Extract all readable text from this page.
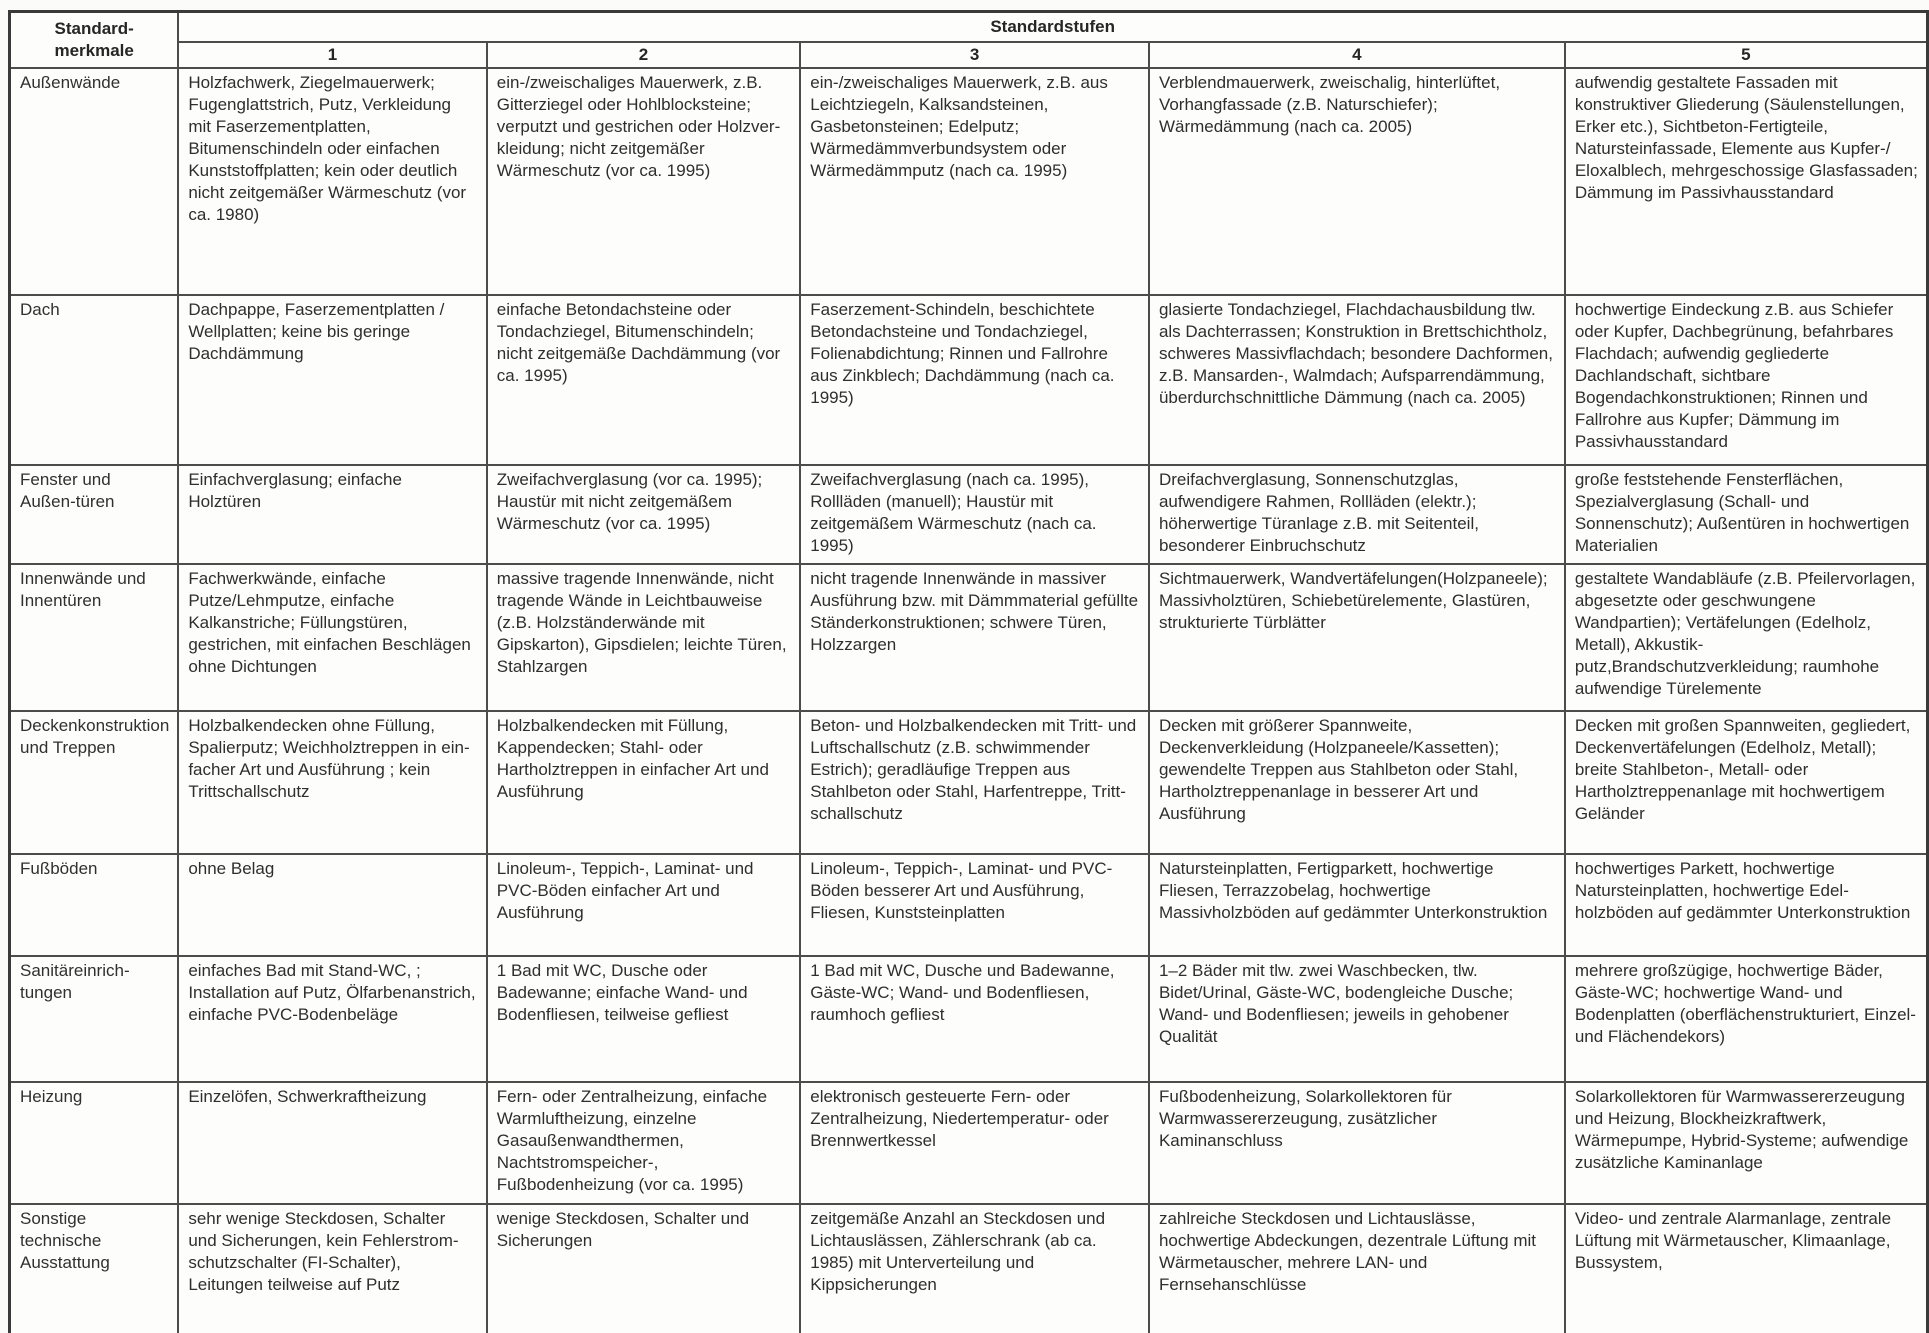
Standard-merkmale	Standardstufen				
	1	2	3	4	5
Außenwände	Holzfachwerk, Ziegelmauerwerk; Fugenglattstrich, Putz, Verkleidung mit Faserzementplatten, Bitumenschindeln oder einfachen Kunststoffplatten; kein oder deutlich nicht zeitgemäßer Wärmeschutz (vor ca. 1980)	ein-/zweischaliges Mauerwerk, z.B. Gitterziegel oder Hohlblocksteine; verputzt und gestrichen oder Holzverkleidung; nicht zeitgemäßer Wärmeschutz (vor ca. 1995)	ein-/zweischaliges Mauerwerk, z.B. aus Leichtziegeln, Kalksandsteinen, Gasbetonsteinen; Edelputz; Wärmedämmverbundsystem oder Wärmedämmputz (nach ca. 1995)	Verblendmauerwerk, zweischalig, hinterlüftet, Vorhangfassade (z.B. Naturschiefer); Wärmedämmung (nach ca. 2005)	aufwendig gestaltete Fassaden mit konstruktiver Gliederung (Säulenstellungen, Erker etc.), Sichtbeton-Fertigteile, Natursteinfassade, Elemente aus Kupfer-/ Eloxalblech, mehrgeschossige Glasfassaden; Dämmung im Passivhausstandard
Dach	Dachpappe, Faserzementplatten / Wellplatten; keine bis geringe Dachdämmung	einfache Betondachsteine oder Tondachziegel, Bitumenschindeln; nicht zeitgemäße Dachdämmung (vor ca. 1995)	Faserzement-Schindeln, beschichtete Betondachsteine und Tondachziegel, Folienabdichtung; Rinnen und Fallrohre aus Zinkblech; Dachdämmung (nach ca. 1995)	glasierte Tondachziegel, Flachdachausbildung tlw. als Dachterrassen; Konstruktion in Brettschichtholz, schweres Massivflachdach; besondere Dachformen, z.B. Mansarden-, Walmdach; Aufsparrendämmung, überdurchschnittliche Dämmung (nach ca. 2005)	hochwertige Eindeckung z.B. aus Schiefer oder Kupfer, Dachbegrünung, befahrbares Flachdach; aufwendig gegliederte Dachlandschaft, sichtbare Bogendachkonstruktionen; Rinnen und Fallrohre aus Kupfer; Dämmung im Passivhausstandard
Fenster und Außen-türen	Einfachverglasung; einfache Holztüren	Zweifachverglasung (vor ca. 1995); Haustür mit nicht zeitgemäßem Wärmeschutz (vor ca. 1995)	Zweifachverglasung (nach ca. 1995), Rollläden (manuell); Haustür mit zeitgemäßem Wärmeschutz (nach ca. 1995)	Dreifachverglasung, Sonnenschutzglas, aufwendigere Rahmen, Rollläden (elektr.); höherwertige Türanlage z.B. mit Seitenteil, besonderer Einbruchschutz	große feststehende Fensterflächen, Spezialverglasung (Schall- und Sonnenschutz); Außentüren in hochwertigen Materialien
Innenwände und Innentüren	Fachwerkwände, einfache Putze/Lehmputze, einfache Kalkanstriche; Füllungstüren, gestrichen, mit einfachen Beschlägen ohne Dichtungen	massive tragende Innenwände, nicht tragende Wände in Leichtbauweise (z.B. Holzständerwände mit Gipskarton), Gipsdielen; leichte Türen, Stahlzargen	nicht tragende Innenwände in massiver Ausführung bzw. mit Dämmmaterial gefüllte Ständerkonstruktionen; schwere Türen, Holzzargen	Sichtmauerwerk, Wandvertäfelungen(Holzpaneele); Massivholztüren, Schiebetürelemente, Glastüren, strukturierte Türblätter	gestaltete Wandabläufe (z.B. Pfeilervorlagen, abgesetzte oder geschwungene Wandpartien); Vertäfelungen (Edelholz, Metall), Akkustikputz,Brandschutzverkleidung; raumhohe aufwendige Türelemente
Deckenkonstruktion und Treppen	Holzbalkendecken ohne Füllung, Spalierputz; Weichholztreppen in einfacher Art und Ausführung ; kein Trittschallschutz	Holzbalkendecken mit Füllung, Kappendecken; Stahl- oder Hartholztreppen in einfacher Art und Ausführung	Beton- und Holzbalkendecken mit Tritt- und Luftschallschutz (z.B. schwimmender Estrich); geradläufige Treppen aus Stahlbeton oder Stahl, Harfentreppe, Trittschallschutz	Decken mit größerer Spannweite, Deckenverkleidung (Holzpaneele/Kassetten); gewendelte Treppen aus Stahlbeton oder Stahl, Hartholztreppenanlage in besserer Art und Ausführung	Decken mit großen Spannweiten, gegliedert, Deckenvertäfelungen (Edelholz, Metall); breite Stahlbeton-, Metall- oder Hartholztreppenanlage mit hochwertigem Geländer
Fußböden	ohne Belag	Linoleum-, Teppich-, Laminat- und PVC-Böden einfacher Art und Ausführung	Linoleum-, Teppich-, Laminat- und PVC-Böden besserer Art und Ausführung, Fliesen, Kunststeinplatten	Natursteinplatten, Fertigparkett, hochwertige Fliesen, Terrazzobelag, hochwertige Massivholzböden auf gedämmter Unterkonstruktion	hochwertiges Parkett, hochwertige Natursteinplatten, hochwertige Edelholzböden auf gedämmter Unterkonstruktion
Sanitäreinrich-tungen	einfaches Bad mit Stand-WC, ; Installation auf Putz, Ölfarbenanstrich, einfache PVC-Bodenbeläge	1 Bad mit WC, Dusche oder Badewanne; einfache Wand- und Bodenfliesen, teilweise gefliest	1 Bad mit WC, Dusche und Badewanne, Gäste-WC; Wand- und Bodenfliesen, raumhoch gefliest	1–2 Bäder mit tlw. zwei Waschbecken, tlw. Bidet/Urinal, Gäste-WC, bodengleiche Dusche; Wand- und Bodenfliesen; jeweils in gehobener Qualität	mehrere großzügige, hochwertige Bäder, Gäste-WC; hochwertige Wand- und Bodenplatten (oberflächenstrukturiert, Einzel- und Flächendekors)
Heizung	Einzelöfen, Schwerkraftheizung	Fern- oder Zentralheizung, einfache Warmluftheizung, einzelne Gasaußenwandthermen, Nachtstromspeicher-, Fußbodenheizung (vor ca. 1995)	elektronisch gesteuerte Fern- oder Zentralheizung, Niedertemperatur- oder Brennwertkessel	Fußbodenheizung, Solarkollektoren für Warmwassererzeugung, zusätzlicher Kaminanschluss	Solarkollektoren für Warmwassererzeugung und Heizung, Blockheizkraftwerk, Wärmepumpe, Hybrid-Systeme; aufwendige zusätzliche Kaminanlage
Sonstige technische Ausstattung	sehr wenige Steckdosen, Schalter und Sicherungen, kein Fehlerstromschutzschalter (FI-Schalter), Leitungen teilweise auf Putz	wenige Steckdosen, Schalter und Sicherungen	zeitgemäße Anzahl an Steckdosen und Lichtauslässen, Zählerschrank (ab ca. 1985) mit Unterverteilung und Kippsicherungen	zahlreiche Steckdosen und Lichtauslässe, hochwertige Abdeckungen, dezentrale Lüftung mit Wärmetauscher, mehrere LAN- und Fernsehanschlüsse	Video- und zentrale Alarmanlage, zentrale Lüftung mit Wärmetauscher, Klimaanlage, Bussystem,
